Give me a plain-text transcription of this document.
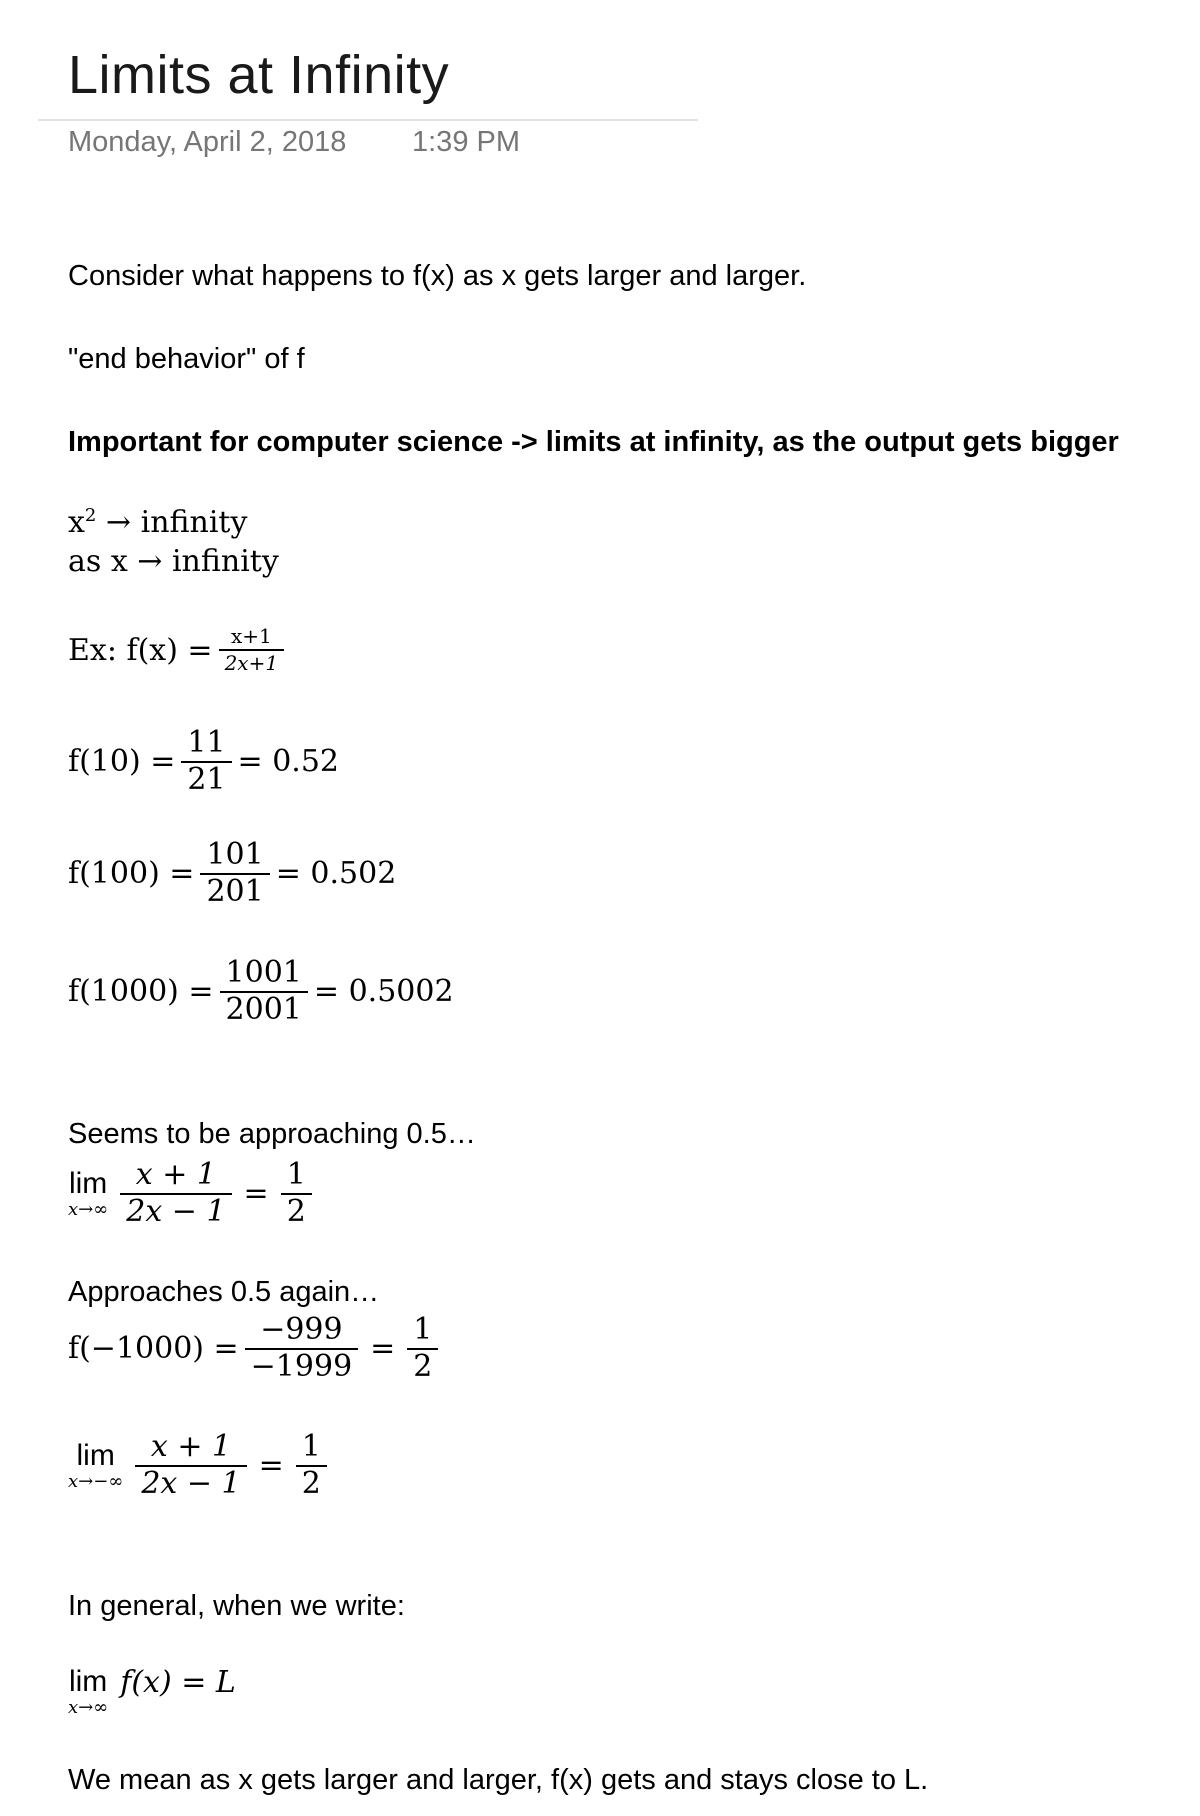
Limits at Infinity
Monday, April 2, 2018 1:39 PM
Consider what happens to f(x) as x gets larger and larger.
"end behavior" of f
Important for computer science -> limits at infinity, as the output gets bigger
$x^2$ → infinity
as x → infinity
Ex: $f(x) = \frac{x+1}{2x+1}$
$f(10) = \frac{11}{21} = 0.52$
$f(100) = \frac{101}{201} = 0.502$
$f(1000) = \frac{1001}{2001} = 0.5002$
Seems to be approaching 0.5…
lim
$x\to\infty \frac{x + 1}{2x - 1} = \frac{1}{2}$
Approaches 0.5 again…
$f(-1000) = \frac{-999}{-1999} = \frac{1}{2}$
lim
$x\to-\infty \frac{x + 1}{2x - 1} = \frac{1}{2}$
In general, when we write:
lim
x→∞
f(x) = L
We mean as x gets larger and larger, f(x) gets and stays close to L.
